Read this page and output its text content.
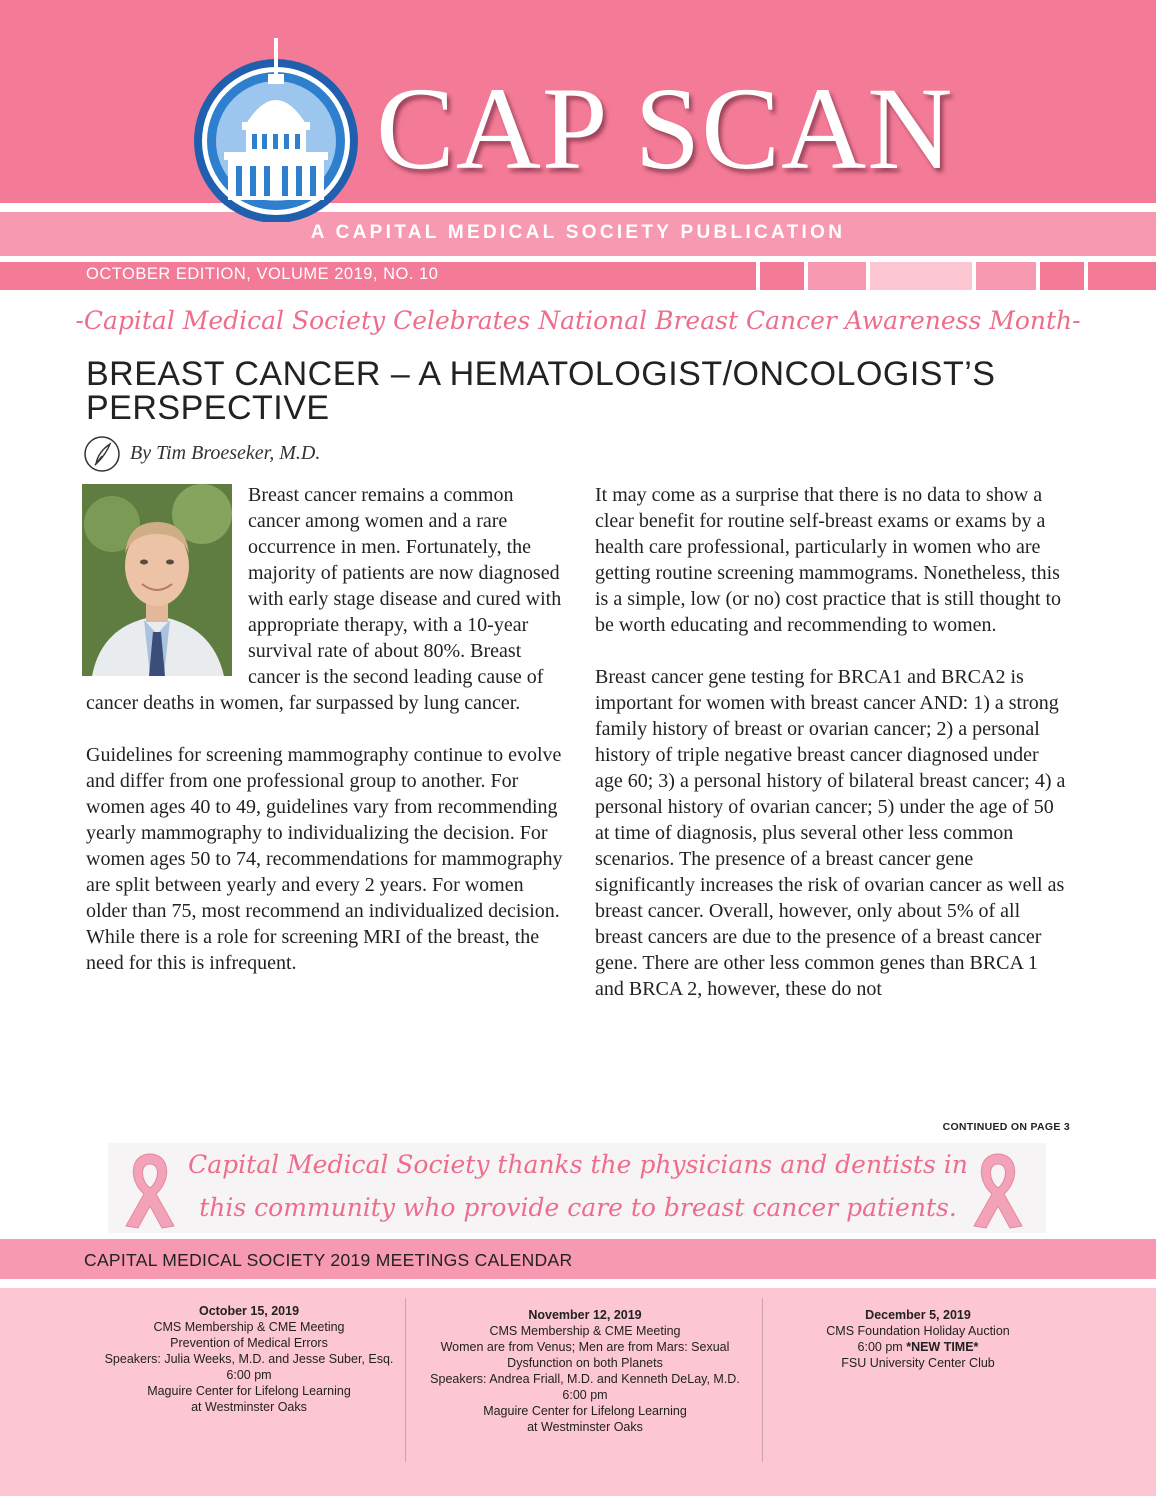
A CAPITAL MEDICAL SOCIETY PUBLICATION
OCTOBER EDITION, VOLUME 2019, NO. 10
CAP SCAN
-Capital Medical Society Celebrates National Breast Cancer Awareness Month-
BREAST CANCER – A HEMATOLOGIST/ONCOLOGIST’S
PERSPECTIVE
By Tim Broeseker, M.D.

Breast cancer remains a common cancer among women and a rare occurrence in men. Fortunately, the majority of patients are now diagnosed with early stage disease and cured with appropriate therapy, with a 10-year survival rate of about 80%. Breast cancer is the second leading cause of cancer deaths in women, far surpassed by lung cancer.

Guidelines for screening mammography continue to evolve and differ from one professional group to another. For women ages 40 to 49, guidelines vary from recommending yearly mammography to individualizing the decision. For women ages 50 to 74, recommendations for mammography are split between yearly and every 2 years. For women older than 75, most recommend an individualized decision. While there is a role for screening MRI of the breast, the need for this is infrequent.

It may come as a surprise that there is no data to show a clear benefit for routine self-breast exams or exams by a health care professional, particularly in women who are getting routine screening mammograms. Nonetheless, this is a simple, low (or no) cost practice that is still thought to be worth educating and recommending to women.

Breast cancer gene testing for BRCA1 and BRCA2 is important for women with breast cancer AND: 1) a strong family history of breast or ovarian cancer; 2) a personal history of triple negative breast cancer diagnosed under age 60; 3) a personal history of bilateral breast cancer; 4) a personal history of ovarian cancer; 5) under the age of 50 at time of diagnosis, plus several other less common scenarios. The presence of a breast cancer gene significantly increases the risk of ovarian cancer as well as breast cancer. Overall, however, only about 5% of all breast cancers are due to the presence of a breast cancer gene. There are other less common genes than BRCA 1 and BRCA 2, however, these do not

CONTINUED ON PAGE 3
Capital Medical Society thanks the physicians and dentists in
this community who provide care to breast cancer patients.
CAPITAL MEDICAL SOCIETY 2019 MEETINGS CALENDAR
October 15, 2019
CMS Membership & CME Meeting
Prevention of Medical Errors
Speakers: Julia Weeks, M.D. and Jesse Suber, Esq.
6:00 pm
Maguire Center for Lifelong Learning
at Westminster Oaks
November 12, 2019
CMS Membership & CME Meeting
Women are from Venus; Men are from Mars: Sexual
Dysfunction on both Planets
Speakers: Andrea Friall, M.D. and Kenneth DeLay, M.D.
6:00 pm
Maguire Center for Lifelong Learning
at Westminster Oaks
December 5, 2019
CMS Foundation Holiday Auction
6:00 pm *NEW TIME*
FSU University Center Club
